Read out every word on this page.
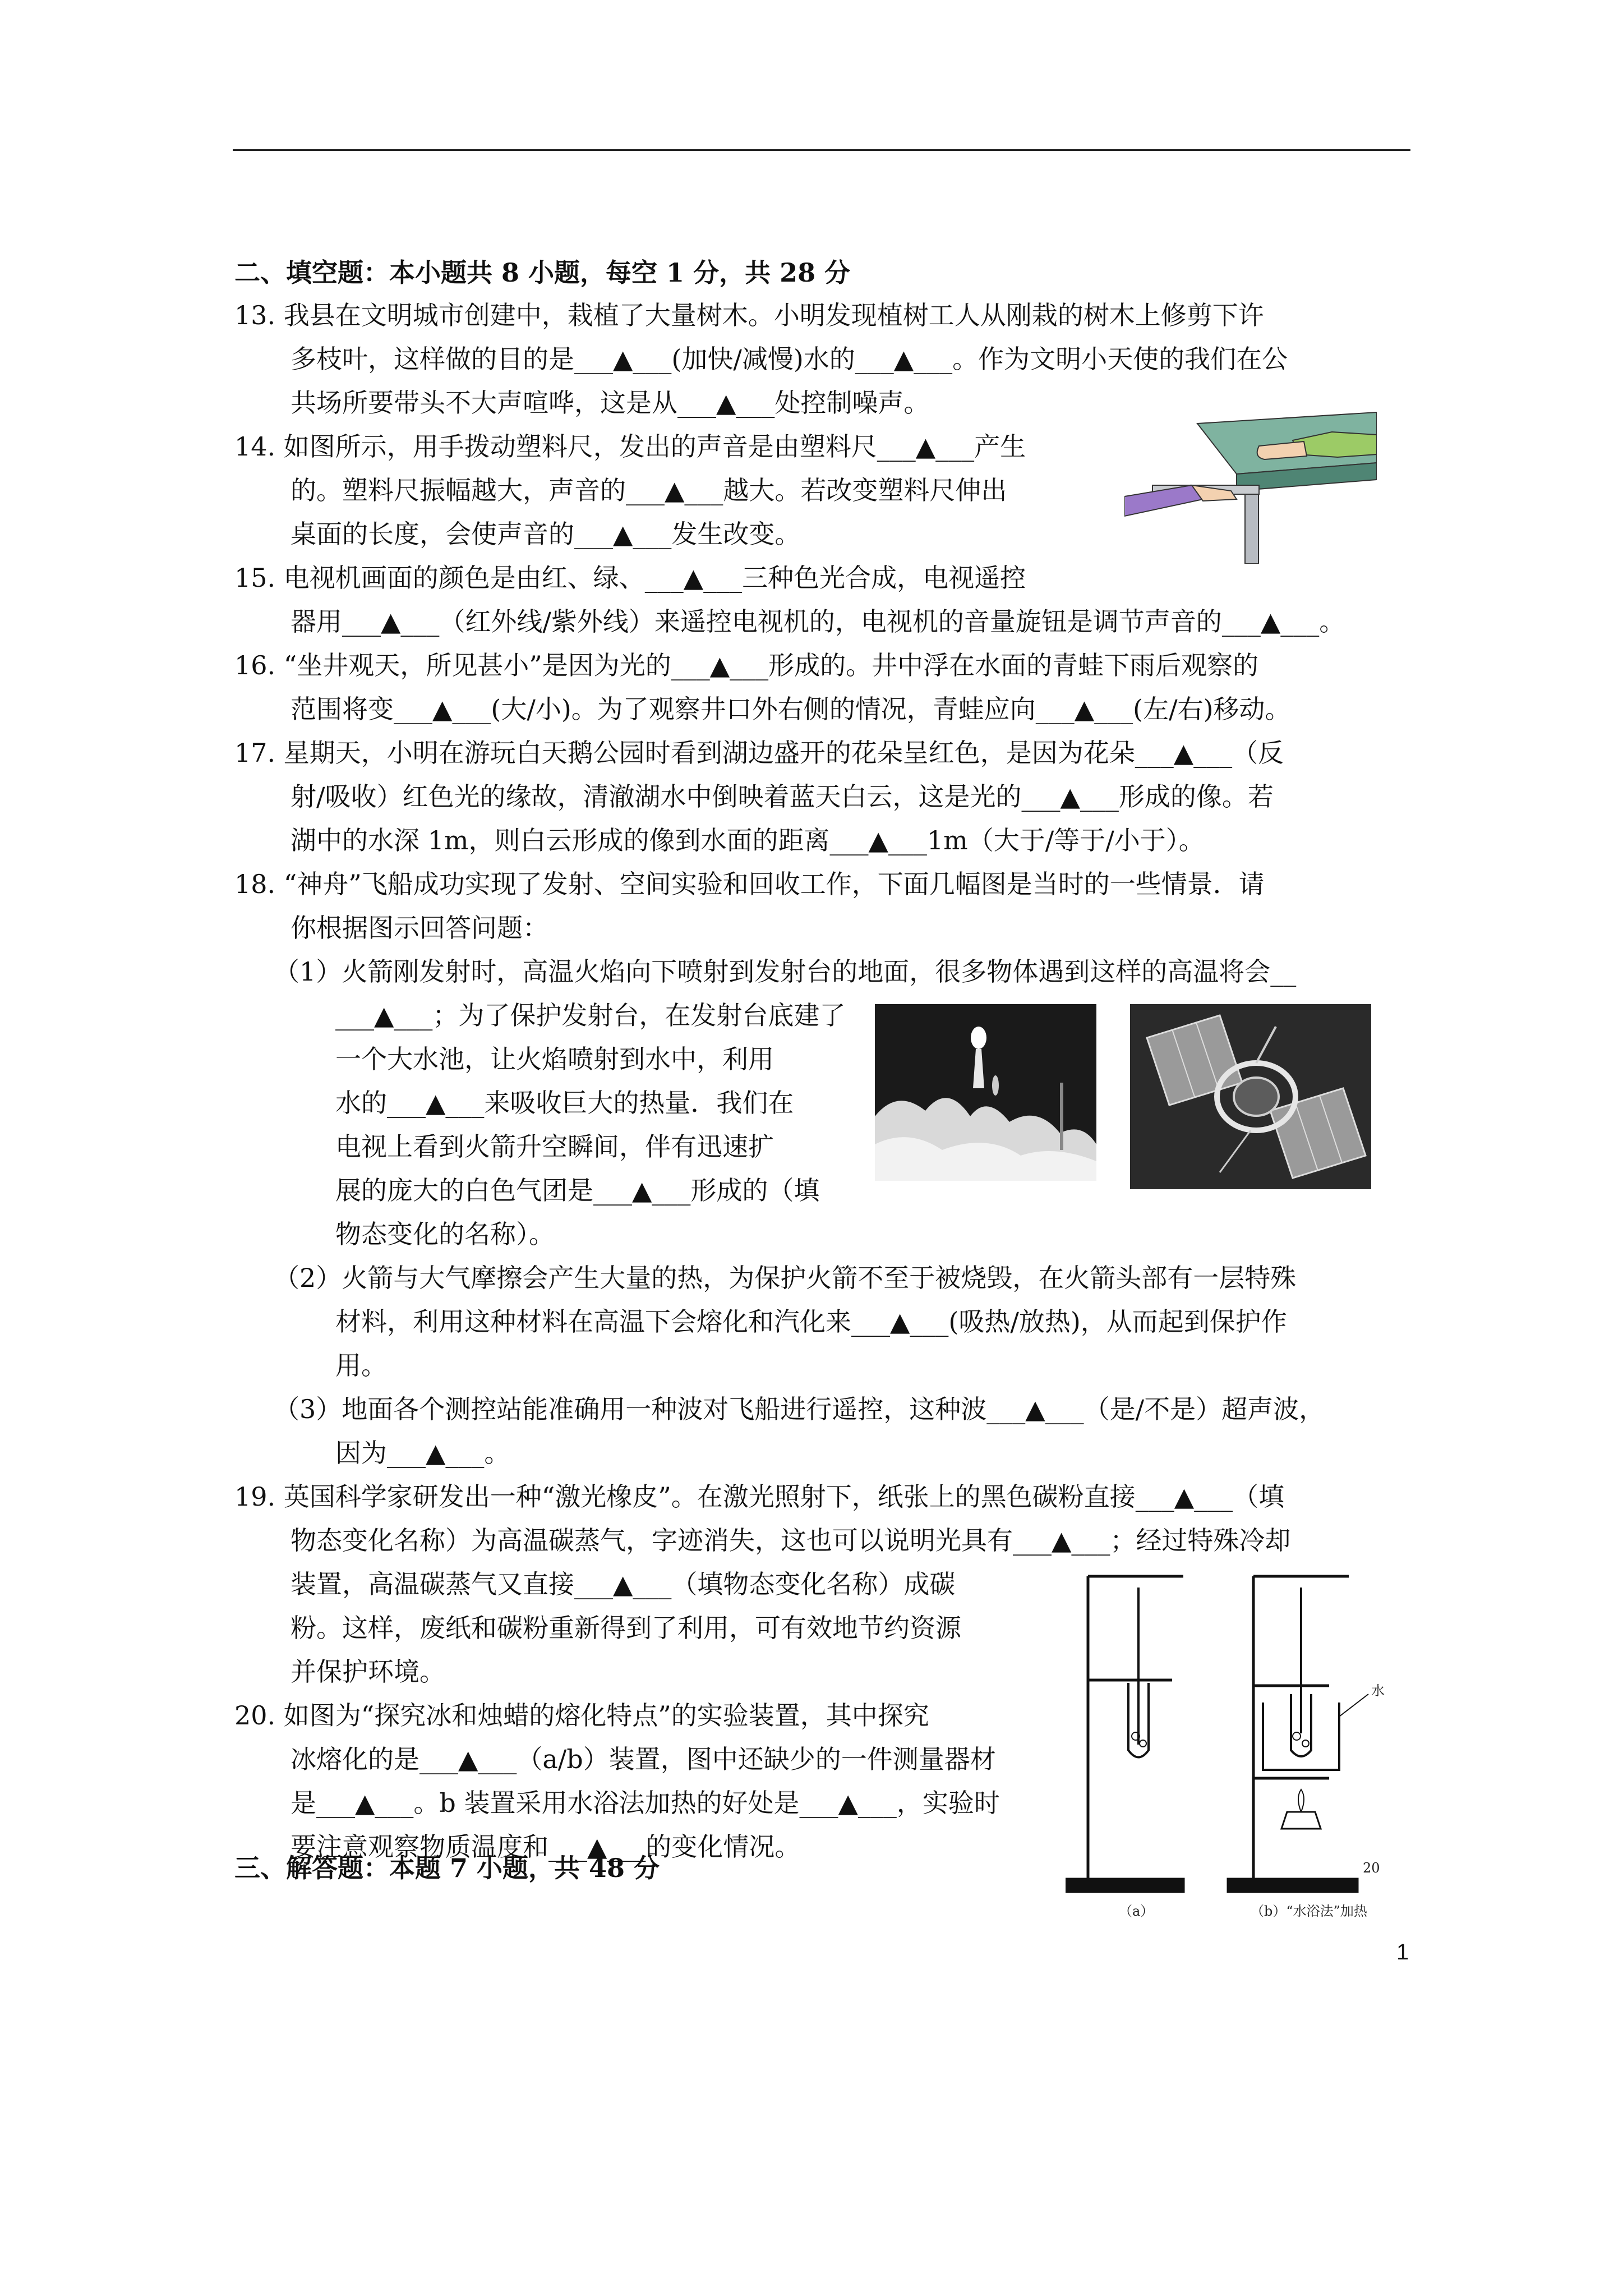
二、填空题：本小题共 8 小题，每空 1 分，共 28 分
13. 我县在文明城市创建中，栽植了大量树木。小明发现植树工人从刚栽的树木上修剪下许
多枝叶，这样做的目的是___▲___(加快/减慢)水的___▲___。作为文明小天使的我们在公
共场所要带头不大声喧哗，这是从___▲___处控制噪声。
14. 如图所示，用手拨动塑料尺，发出的声音是由塑料尺___▲___产生
的。塑料尺振幅越大，声音的___▲___越大。若改变塑料尺伸出
桌面的长度，会使声音的___▲___发生改变。
15. 电视机画面的颜色是由红、绿、___▲___三种色光合成，电视遥控
器用___▲___（红外线/紫外线）来遥控电视机的，电视机的音量旋钮是调节声音的___▲___。
16. “坐井观天，所见甚小”是因为光的___▲___形成的。井中浮在水面的青蛙下雨后观察的
范围将变___▲___(大/小)。为了观察井口外右侧的情况，青蛙应向___▲___(左/右)移动。
17. 星期天，小明在游玩白天鹅公园时看到湖边盛开的花朵呈红色，是因为花朵___▲___（反
射/吸收）红色光的缘故，清澈湖水中倒映着蓝天白云，这是光的___▲___形成的像。若
湖中的水深 1m，则白云形成的像到水面的距离___▲___1m（大于/等于/小于）。
18. “神舟”飞船成功实现了发射、空间实验和回收工作，下面几幅图是当时的一些情景．请
你根据图示回答问题：
（1）火箭刚发射时，高温火焰向下喷射到发射台的地面，很多物体遇到这样的高温将会__
___▲___；为了保护发射台，在发射台底建了
一个大水池，让火焰喷射到水中，利用
水的___▲___来吸收巨大的热量．我们在
电视上看到火箭升空瞬间，伴有迅速扩
展的庞大的白色气团是___▲___形成的（填
物态变化的名称）。
（2）火箭与大气摩擦会产生大量的热，为保护火箭不至于被烧毁，在火箭头部有一层特殊
材料，利用这种材料在高温下会熔化和汽化来___▲___(吸热/放热)，从而起到保护作
用。
（3）地面各个测控站能准确用一种波对飞船进行遥控，这种波___▲___（是/不是）超声波，
因为___▲___。
19. 英国科学家研发出一种“激光橡皮”。在激光照射下，纸张上的黑色碳粉直接___▲___（填
物态变化名称）为高温碳蒸气，字迹消失，这也可以说明光具有___▲___；经过特殊冷却
装置，高温碳蒸气又直接___▲___（填物态变化名称）成碳
粉。这样，废纸和碳粉重新得到了利用，可有效地节约资源
并保护环境。
20. 如图为“探究冰和烛蜡的熔化特点”的实验装置，其中探究
冰熔化的是___▲___（a/b）装置，图中还缺少的一件测量器材
是___▲___。b 装置采用水浴法加热的好处是___▲___，实验时
要注意观察物质温度和___▲___的变化情况。
三、解答题：本题 7 小题，共 48 分
水
20
（a）	（b）“水浴法”加热
1
